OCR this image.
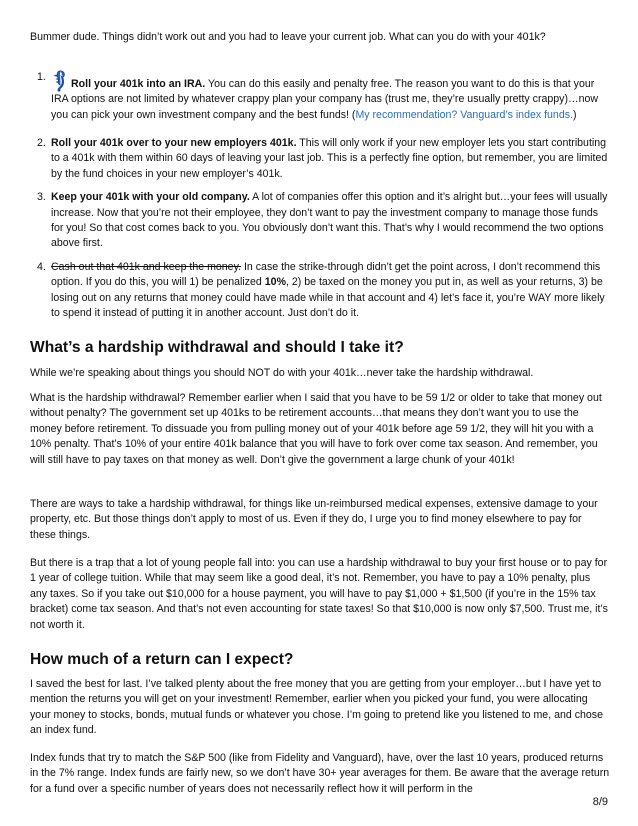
Bummer dude. Things didn’t work out and you had to leave your current job. What can you do with your 401k?

1.
Roll your 401k into an IRA. You can do this easily and penalty free. The reason you want to do this is that your IRA options are not limited by whatever crappy plan your company has (trust me, they’re usually pretty crappy)…now you can pick your own investment company and the best funds! (My recommendation? Vanguard’s index funds.)
2. Roll your 401k over to your new employers 401k. This will only work if your new employer lets you start contributing to a 401k with them within 60 days of leaving your last job. This is a perfectly fine option, but remember, you are limited by the fund choices in your new employer’s 401k.
3. Keep your 401k with your old company. A lot of companies offer this option and it’s alright but…your fees will usually increase. Now that you’re not their employee, they don’t want to pay the investment company to manage those funds for you! So that cost comes back to you. You obviously don’t want this. That’s why I would recommend the two options above first.
4. Cash out that 401k and keep the money. In case the strike-through didn’t get the point across, I don’t recommend this option. If you do this, you will 1) be penalized 10%, 2) be taxed on the money you put in, as well as your returns, 3) be losing out on any returns that money could have made while in that account and 4) let’s face it, you’re WAY more likely to spend it instead of putting it in another account. Just don’t do it.
What’s a hardship withdrawal and should I take it?

While we’re speaking about things you should NOT do with your 401k…never take the hardship withdrawal.

What is the hardship withdrawal? Remember earlier when I said that you have to be 59 1/2 or older to take that money out without penalty? The government set up 401ks to be retirement accounts…that means they don’t want you to use the money before retirement. To dissuade you from pulling money out of your 401k before age 59 1/2, they will hit you with a 10% penalty. That’s 10% of your entire 401k balance that you will have to fork over come tax season. And remember, you will still have to pay taxes on that money as well. Don’t give the government a large chunk of your 401k!

There are ways to take a hardship withdrawal, for things like un-reimbursed medical expenses, extensive damage to your property, etc. But those things don’t apply to most of us. Even if they do, I urge you to find money elsewhere to pay for these things.

But there is a trap that a lot of young people fall into: you can use a hardship withdrawal to buy your first house or to pay for 1 year of college tuition. While that may seem like a good deal, it’s not. Remember, you have to pay a 10% penalty, plus any taxes. So if you take out $10,000 for a house payment, you will have to pay $1,000 + $1,500 (if you’re in the 15% tax bracket) come tax season. And that’s not even accounting for state taxes! So that $10,000 is now only $7,500. Trust me, it’s not worth it.

How much of a return can I expect?

I saved the best for last. I’ve talked plenty about the free money that you are getting from your employer…but I have yet to mention the returns you will get on your investment! Remember, earlier when you picked your fund, you were allocating your money to stocks, bonds, mutual funds or whatever you chose. I’m going to pretend like you listened to me, and chose an index fund.

Index funds that try to match the S&P 500 (like from Fidelity and Vanguard), have, over the last 10 years, produced returns in the 7% range. Index funds are fairly new, so we don’t have 30+ year averages for them. Be aware that the average return for a fund over a specific number of years does not necessarily reflect how it will perform in the

8/9
